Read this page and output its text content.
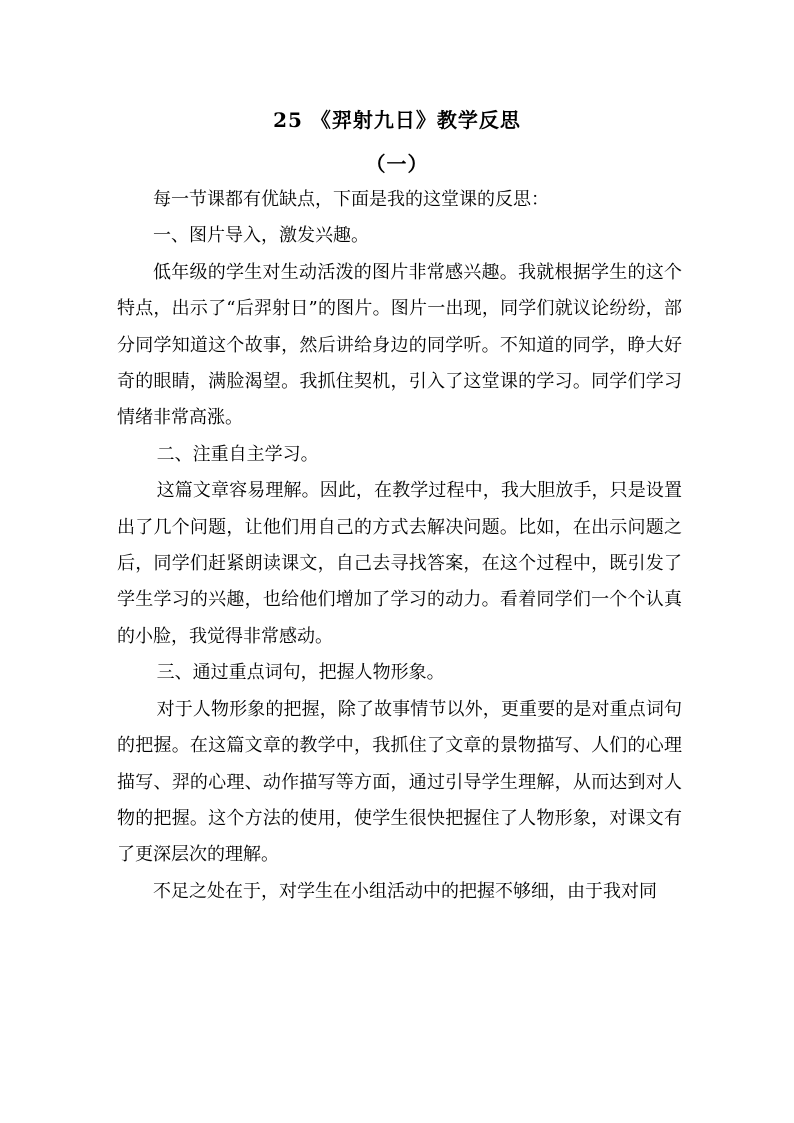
25 《羿射九日》教学反思
（一）

每一节课都有优缺点，下面是我的这堂课的反思：

一、图片导入，激发兴趣。

低年级的学生对生动活泼的图片非常感兴趣。我就根据学生的这个特点，出示了“后羿射日”的图片。图片一出现，同学们就议论纷纷，部分同学知道这个故事，然后讲给身边的同学听。不知道的同学，睁大好奇的眼睛，满脸渴望。我抓住契机，引入了这堂课的学习。同学们学习情绪非常高涨。

二、注重自主学习。

这篇文章容易理解。因此，在教学过程中，我大胆放手，只是设置出了几个问题，让他们用自己的方式去解决问题。比如，在出示问题之后，同学们赶紧朗读课文，自己去寻找答案，在这个过程中，既引发了学生学习的兴趣，也给他们增加了学习的动力。看着同学们一个个认真的小脸，我觉得非常感动。

三、通过重点词句，把握人物形象。

对于人物形象的把握，除了故事情节以外，更重要的是对重点词句的把握。在这篇文章的教学中，我抓住了文章的景物描写、人们的心理描写、羿的心理、动作描写等方面，通过引导学生理解，从而达到对人物的把握。这个方法的使用，使学生很快把握住了人物形象，对课文有了更深层次的理解。

不足之处在于，对学生在小组活动中的把握不够细，由于我对同
